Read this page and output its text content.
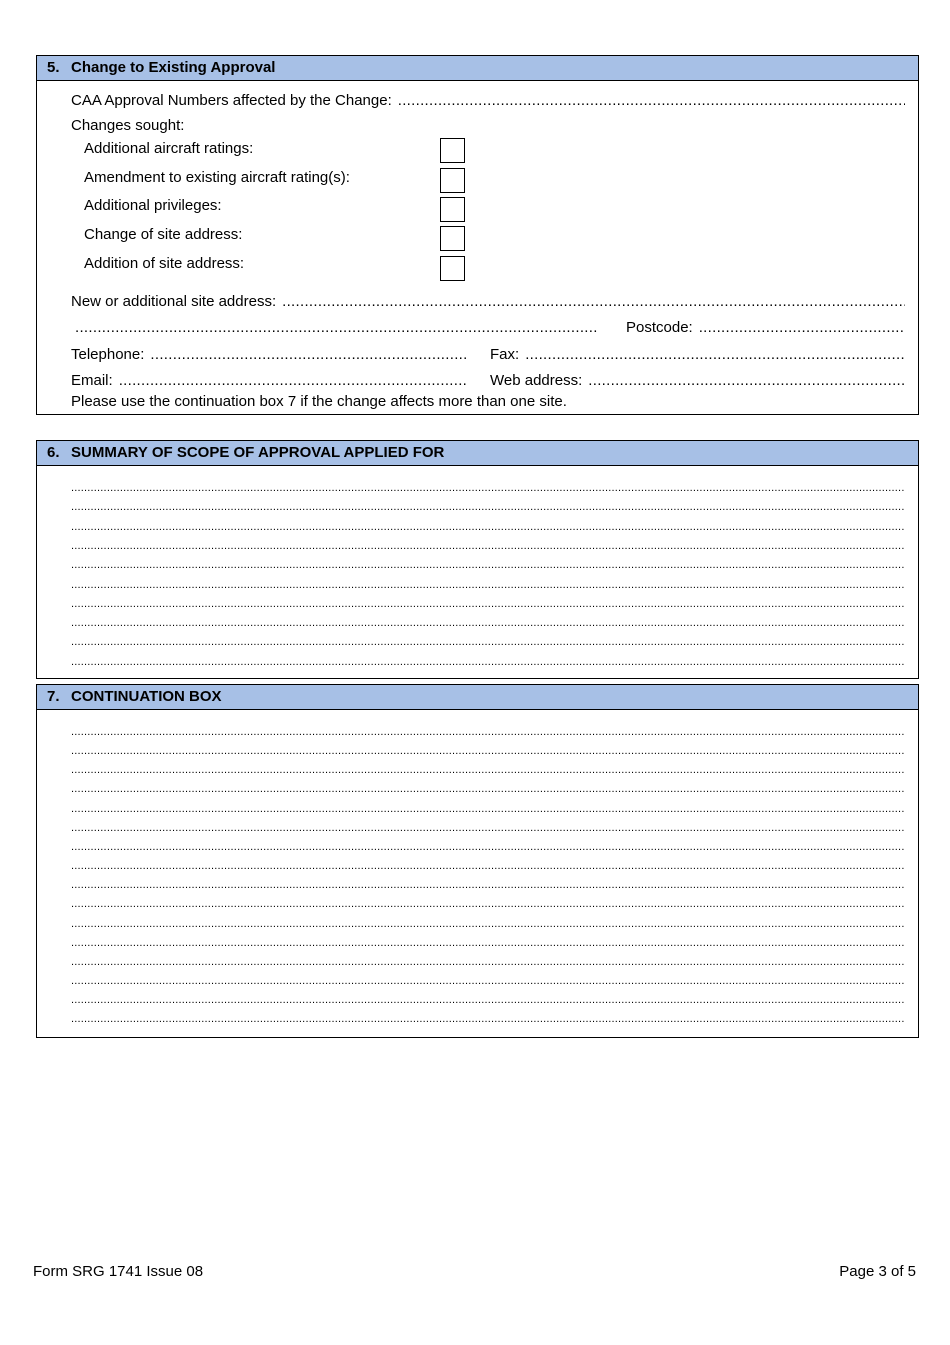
5. Change to Existing Approval
CAA Approval Numbers affected by the Change:
.....
Changes sought:
Additional aircraft ratings:
Amendment to existing aircraft rating(s):
Additional privileges:
Change of site address:
Addition of site address:
New or additional site address:
.....
.....
Postcode:
.....
Telephone: .....	Fax:
.....
Email: .....	Web address:
.....
Please use the continuation box 7 if the change affects more than one site.
6. SUMMARY OF SCOPE OF APPROVAL APPLIED FOR
.....
.....
.....
.....
.....
.....
.....
.....
.....
.....
7. CONTINUATION BOX
.....
.....
.....
.....
.....
.....
.....
.....
.....
.....
.....
.....
.....
.....
.....
.....
Form SRG 1741 Issue 08	Page 3 of 5
